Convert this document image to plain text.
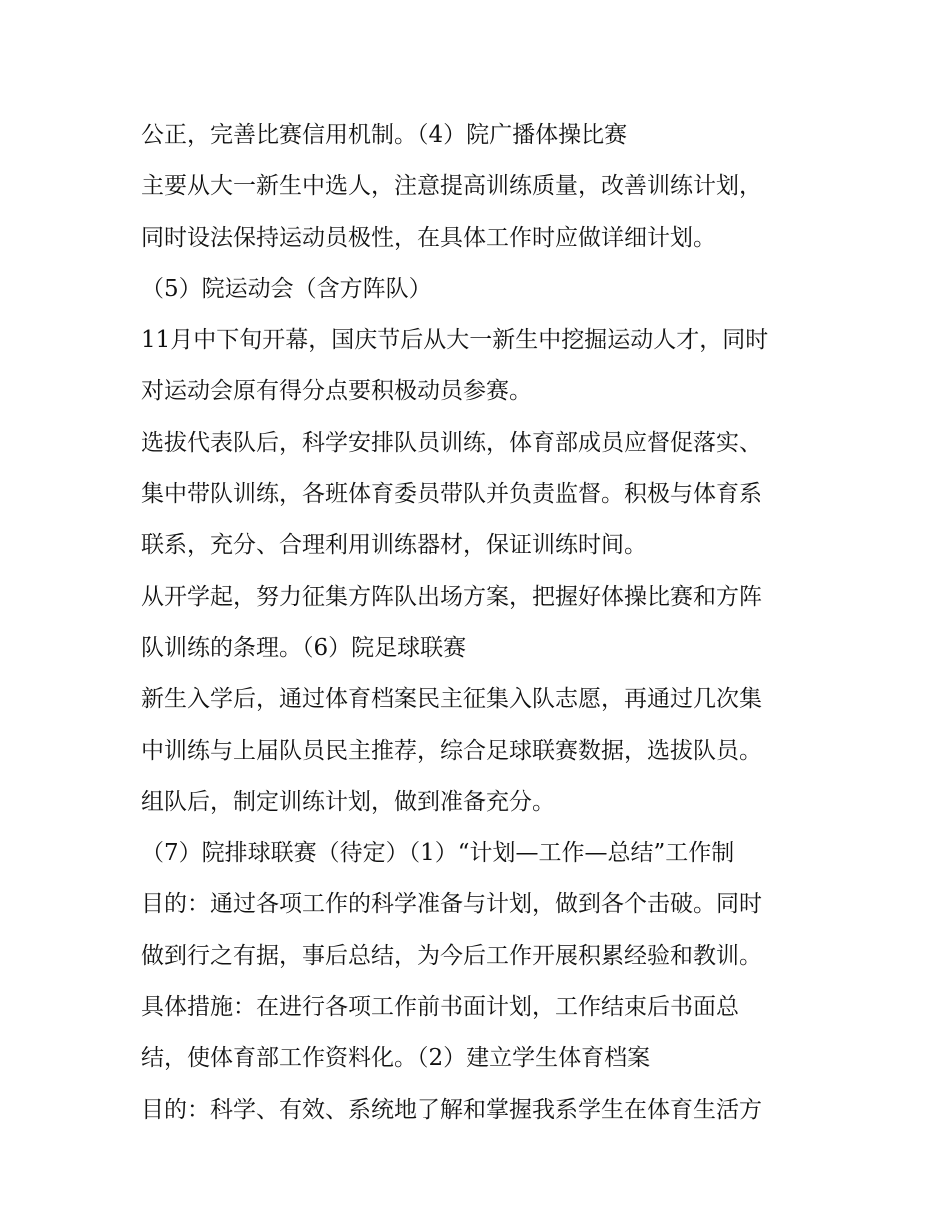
公正，完善比赛信用机制。（4）院广播体操比赛
主要从大一新生中选人，注意提高训练质量，改善训练计划，
同时设法保持运动员极性，在具体工作时应做详细计划。
（5）院运动会（含方阵队）
11月中下旬开幕，国庆节后从大一新生中挖掘运动人才，同时
对运动会原有得分点要积极动员参赛。
选拔代表队后，科学安排队员训练，体育部成员应督促落实、
集中带队训练，各班体育委员带队并负责监督。积极与体育系
联系，充分、合理利用训练器材，保证训练时间。
从开学起，努力征集方阵队出场方案，把握好体操比赛和方阵
队训练的条理。（6）院足球联赛
新生入学后，通过体育档案民主征集入队志愿，再通过几次集
中训练与上届队员民主推荐，综合足球联赛数据，选拔队员。
组队后，制定训练计划，做到准备充分。
（7）院排球联赛（待定）（1）“计划—工作—总结”工作制
目的：通过各项工作的科学准备与计划，做到各个击破。同时
做到行之有据，事后总结，为今后工作开展积累经验和教训。
具体措施：在进行各项工作前书面计划，工作结束后书面总
结，使体育部工作资料化。（2）建立学生体育档案
目的：科学、有效、系统地了解和掌握我系学生在体育生活方
